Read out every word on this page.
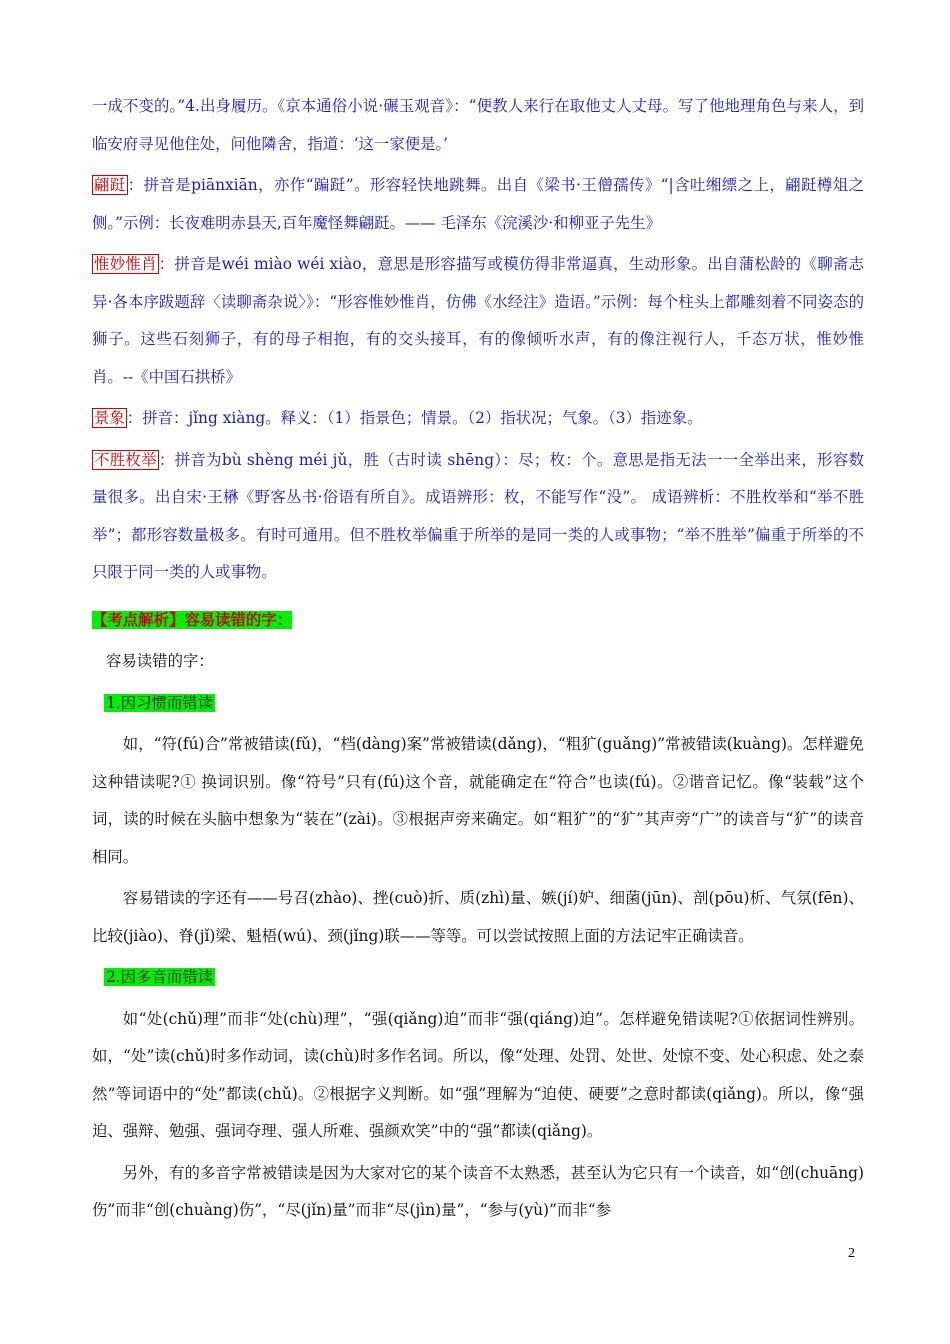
一成不变的。”4.出身履历。《京本通俗小说·碾玉观音》：“便教人来行在取他丈人丈母。写了他地理角色与来人，到临安府寻见他住处，问他隣舍，指道：‘这一家便是。’

翩跹 ：拼音是piānxiān，亦作“蹁跹”。形容轻快地跳舞。出自《梁书·王僧孺传》“|含吐缃缥之上，翩跹樽俎之侧。”示例：长夜难明赤县天,百年魔怪舞翩跹。—— 毛泽东《浣溪沙·和柳亚子先生》

惟妙惟肖 ：拼音是wéi miào wéi xiào，意思是形容描写或模仿得非常逼真，生动形象。出自蒲松龄的《聊斋志异·各本序跋题辞〈读聊斋杂说〉》：“形容惟妙惟肖，仿佛《水经注》造语。”示例：每个柱头上都雕刻着不同姿态的狮子。这些石刻狮子，有的母子相抱，有的交头接耳，有的像倾听水声，有的像注视行人，千态万状，惟妙惟肖。--《中国石拱桥》

景象 ：拼音：jǐng xiàng。释义：（1）指景色；情景。（2）指状况；气象。（3）指迹象。

不胜枚举 ：拼音为bù shèng méi jǔ，胜（古时读 shēng）：尽；枚：个。意思是指无法一一全举出来，形容数量很多。出自宋·王楙《野客丛书·俗语有所自》。成语辨形：枚，不能写作“没”。 成语辨析：不胜枚举和“举不胜举”；都形容数量极多。有时可通用。但不胜枚举偏重于所举的是同一类的人或事物；“举不胜举”偏重于所举的不只限于同一类的人或事物。

【考点解析】容易读错的字：

容易读错的字：

1.因习惯而错读

如，“符(fú)合”常被错读(fǔ)，“档(dàng)案”常被错读(dǎng)，“粗犷(guǎng)”常被错读(kuàng)。怎样避免这种错读呢?① 换词识别。像“符号”只有(fú)这个音，就能确定在“符合”也读(fú)。②谐音记忆。像“装载”这个词，读的时候在头脑中想象为“装在”(zài)。③根据声旁来确定。如“粗犷”的“犷”其声旁“广”的读音与“犷”的读音相同。

容易错读的字还有——号召(zhào)、挫(cuò)折、质(zhì)量、嫉(jí)妒、细菌(jūn)、剖(pōu)析、气氛(fēn)、比较(jiào)、脊(jǐ)梁、魁梧(wú)、颈(jǐng)联——等等。可以尝试按照上面的方法记牢正确读音。

2.因多音而错读

如“处(chǔ)理”而非“处(chù)理”，“强(qiǎng)迫”而非“强(qiáng)迫”。怎样避免错读呢?①依据词性辨别。如，“处”读(chǔ)时多作动词，读(chù)时多作名词。所以，像“处理、处罚、处世、处惊不变、处心积虑、处之泰然”等词语中的“处”都读(chǔ)。②根据字义判断。如“强”理解为“迫使、硬要”之意时都读(qiǎng)。所以，像“强迫、强辩、勉强、强词夺理、强人所难、强颜欢笑”中的“强”都读(qiǎng)。

另外，有的多音字常被错读是因为大家对它的某个读音不太熟悉，甚至认为它只有一个读音，如“创(chuāng)伤”而非“创(chuàng)伤”，“尽(jǐn)量”而非“尽(jìn)量”，“参与(yù)”而非“参

2
